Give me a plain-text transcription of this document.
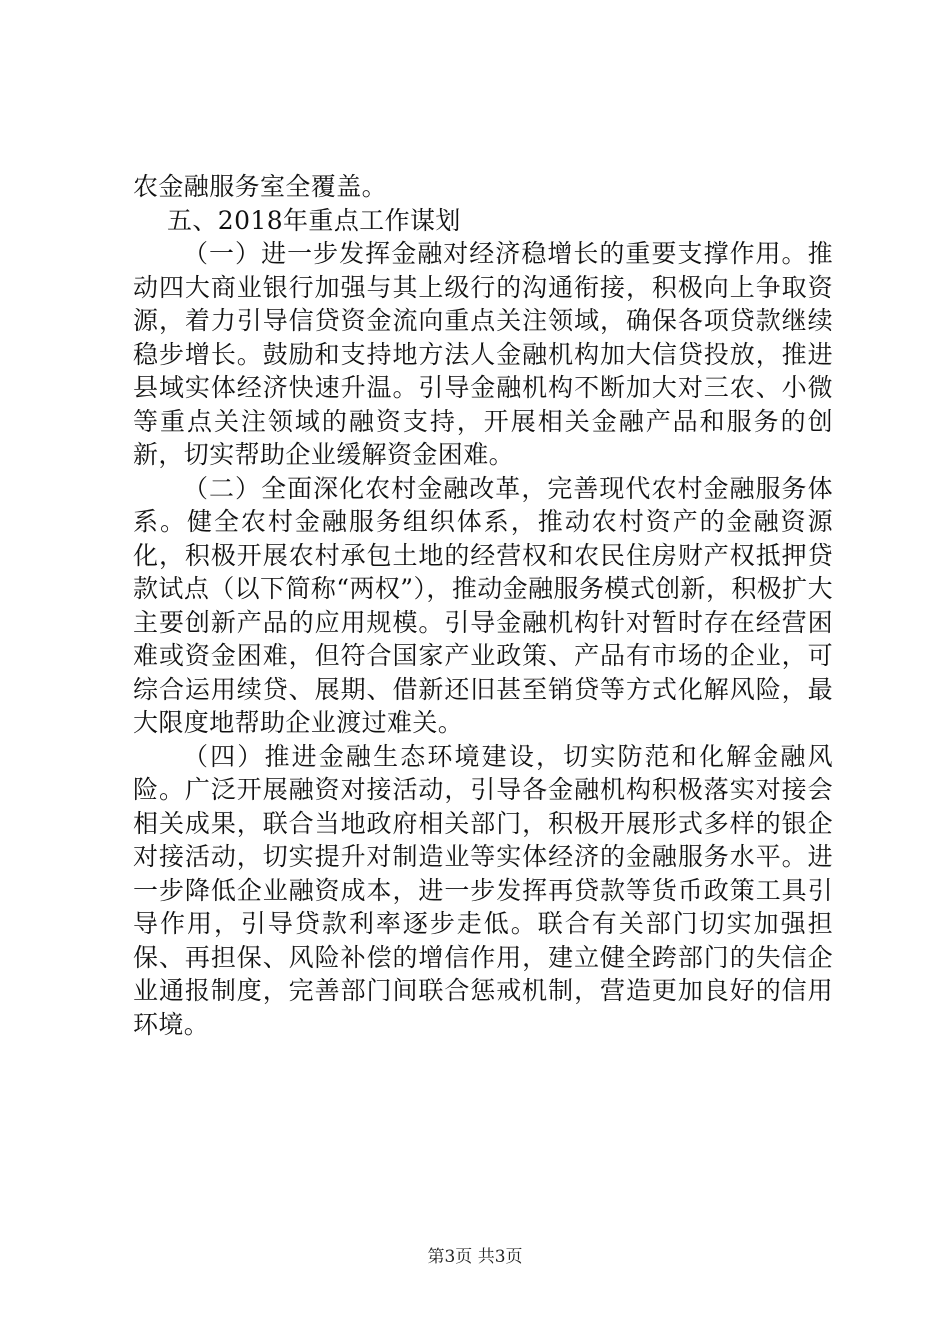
农金融服务室全覆盖。

五、2018年重点工作谋划

（一）进一步发挥金融对经济稳增长的重要支撑作用。推动四大商业银行加强与其上级行的沟通衔接，积极向上争取资源，着力引导信贷资金流向重点关注领域，确保各项贷款继续稳步增长。鼓励和支持地方法人金融机构加大信贷投放，推进县域实体经济快速升温。引导金融机构不断加大对三农、小微等重点关注领域的融资支持，开展相关金融产品和服务的创新，切实帮助企业缓解资金困难。

（二）全面深化农村金融改革，完善现代农村金融服务体系。健全农村金融服务组织体系，推动农村资产的金融资源化，积极开展农村承包土地的经营权和农民住房财产权抵押贷款试点（以下简称“两权”），推动金融服务模式创新，积极扩大主要创新产品的应用规模。引导金融机构针对暂时存在经营困难或资金困难，但符合国家产业政策、产品有市场的企业，可综合运用续贷、展期、借新还旧甚至销贷等方式化解风险，最大限度地帮助企业渡过难关。

（四）推进金融生态环境建设，切实防范和化解金融风险。广泛开展融资对接活动，引导各金融机构积极落实对接会相关成果，联合当地政府相关部门，积极开展形式多样的银企对接活动，切实提升对制造业等实体经济的金融服务水平。进一步降低企业融资成本，进一步发挥再贷款等货币政策工具引导作用，引导贷款利率逐步走低。联合有关部门切实加强担保、再担保、风险补偿的增信作用，建立健全跨部门的失信企业通报制度，完善部门间联合惩戒机制，营造更加良好的信用环境。

第3页 共3页
